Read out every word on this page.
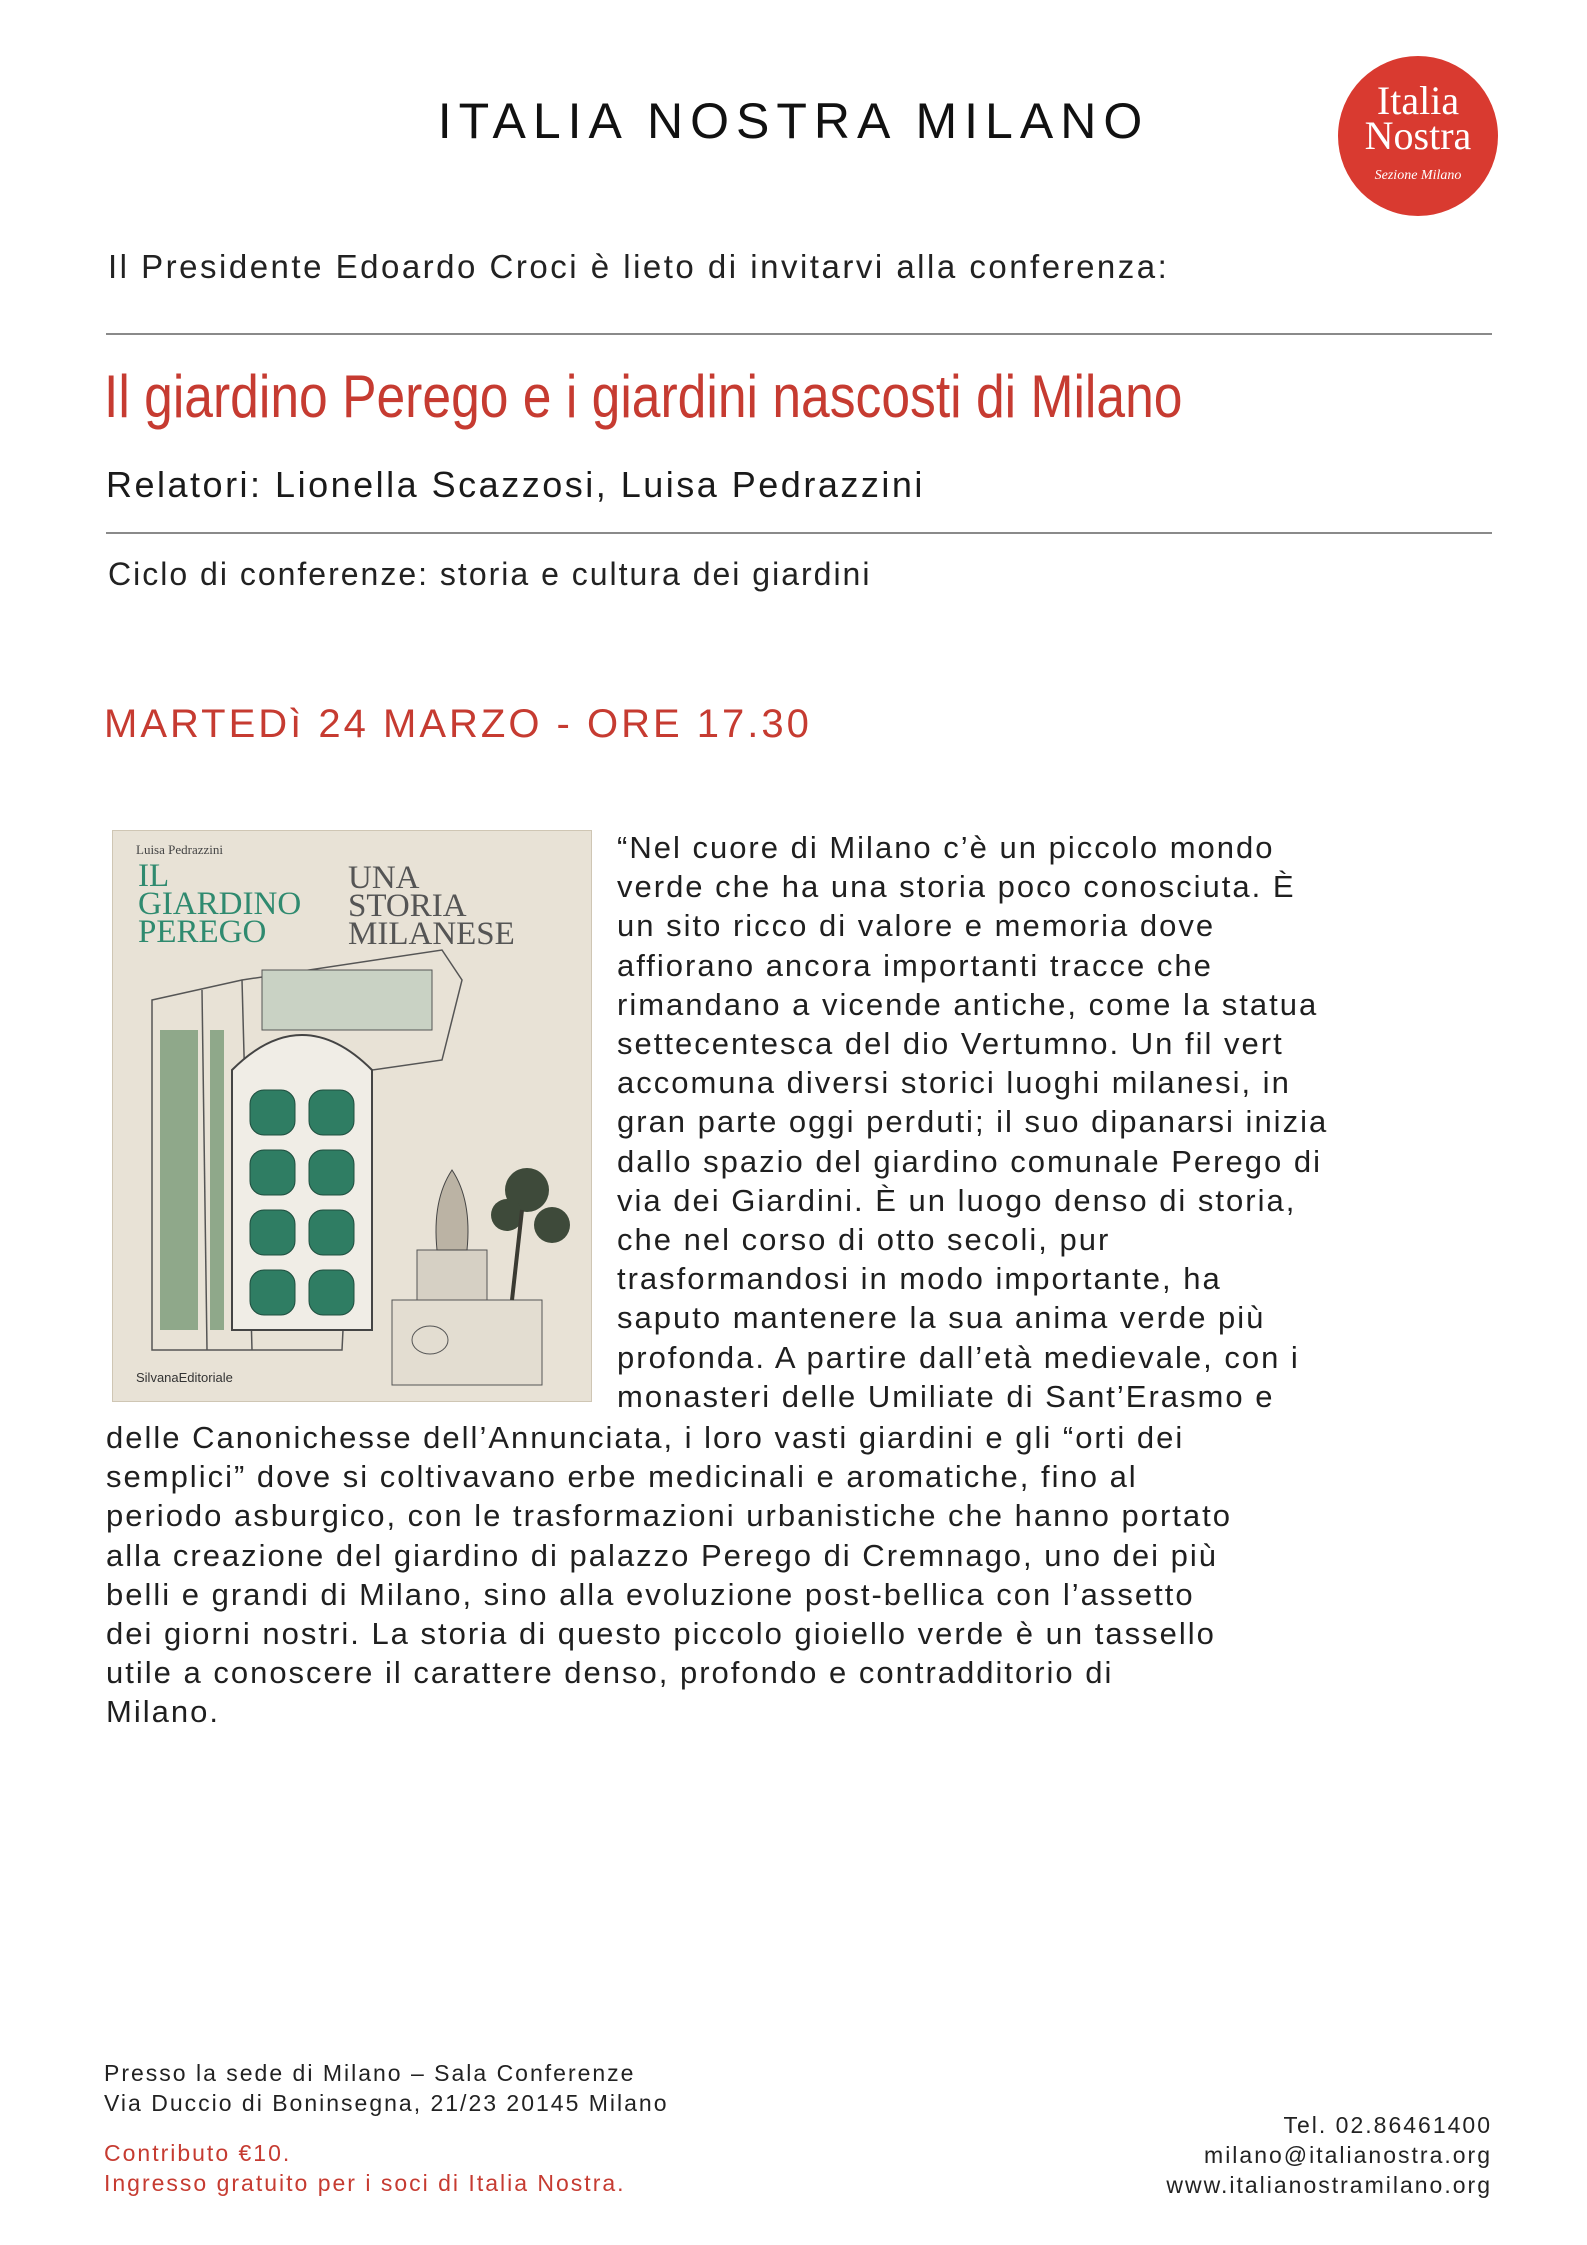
ITALIA NOSTRA MILANO	Italia
Nostra
Sezione Milano
Il Presidente Edoardo Croci è lieto di invitarvi alla conferenza:
Il giardino Perego e i giardini nascosti di Milano
Relatori: Lionella Scazzosi, Luisa Pedrazzini
Ciclo di conferenze: storia e cultura dei giardini
MARTEDì 24 MARZO - ORE 17.30
Luisa Pedrazzini
IL
GIARDINO
PEREGO
UNA
STORIA
MILANESE
SilvanaEditoriale

“Nel cuore di Milano c’è un piccolo mondo

verde che ha una storia poco conosciuta. È

un sito ricco di valore e memoria dove

affiorano ancora importanti tracce che

rimandano a vicende antiche, come la statua

settecentesca del dio Vertumno. Un fil vert

accomuna diversi storici luoghi milanesi, in

gran parte oggi perduti; il suo dipanarsi inizia

dallo spazio del giardino comunale Perego di

via dei Giardini. È un luogo denso di storia,

che nel corso di otto secoli, pur

trasformandosi in modo importante, ha

saputo mantenere la sua anima verde più

profonda. A partire dall’età medievale, con i

monasteri delle Umiliate di Sant’Erasmo e

delle Canonichesse dell’Annunciata, i loro vasti giardini e gli “orti dei

semplici” dove si coltivavano erbe medicinali e aromatiche, fino al

periodo asburgico, con le trasformazioni urbanistiche che hanno portato

alla creazione del giardino di palazzo Perego di Cremnago, uno dei più

belli e grandi di Milano, sino alla evoluzione post-bellica con l’assetto

dei giorni nostri. La storia di questo piccolo gioiello verde è un tassello

utile a conoscere il carattere denso, profondo e contradditorio di

Milano.

Presso la sede di Milano – Sala Conferenze
Via Duccio di Boninsegna, 21/23 20145 Milano
Contributo €10.
Ingresso gratuito per i soci di Italia Nostra.
Tel. 02.86461400
milano@italianostra.org
www.italianostramilano.org
